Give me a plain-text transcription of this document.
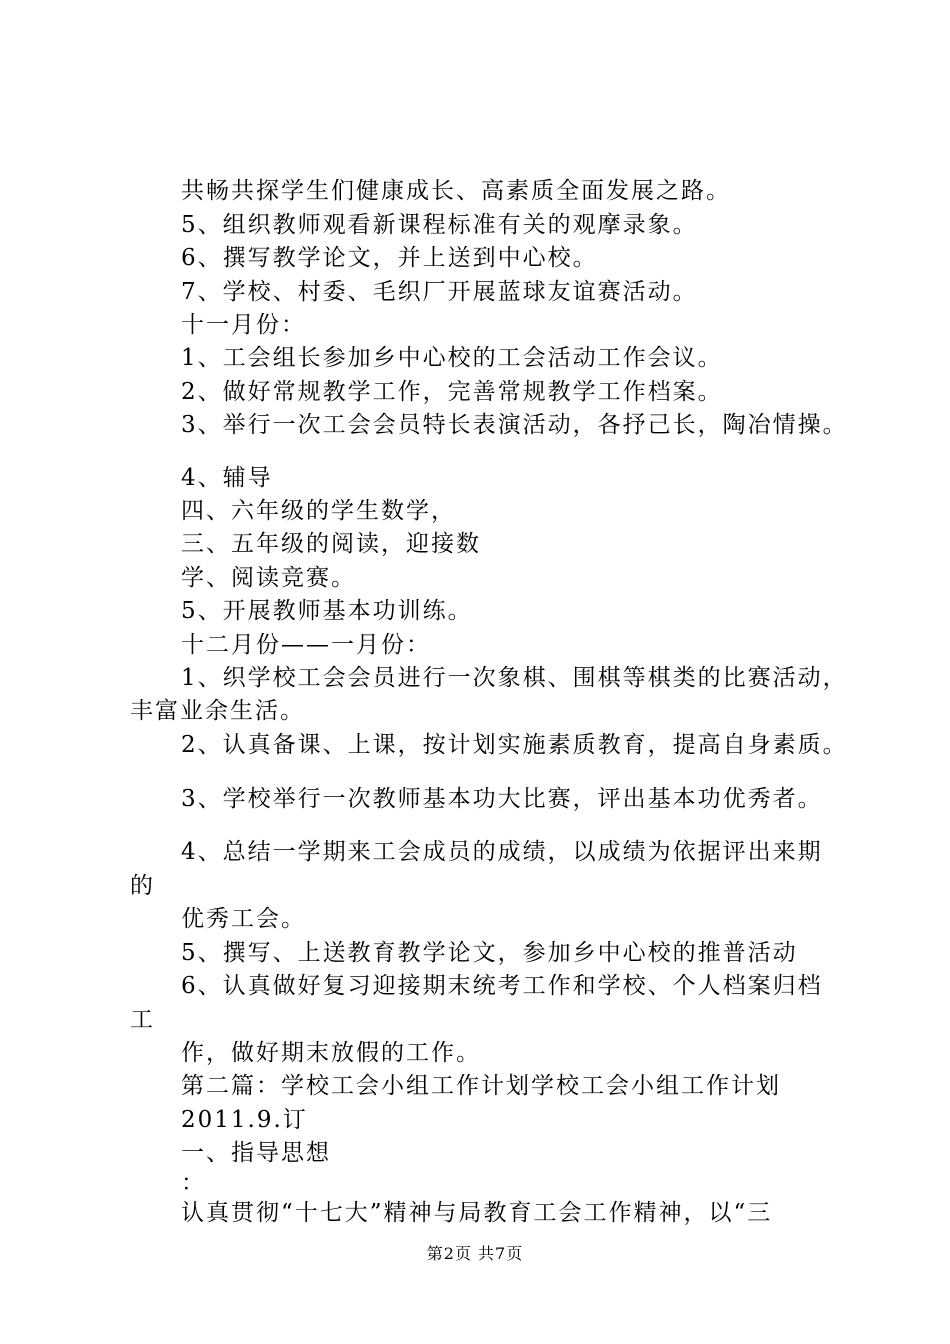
共畅共探学生们健康成长、高素质全面发展之路。
5、组织教师观看新课程标准有关的观摩录象。
6、撰写教学论文，并上送到中心校。
7、学校、村委、毛织厂开展蓝球友谊赛活动。
十一月份：
1、工会组长参加乡中心校的工会活动工作会议。
2、做好常规教学工作，完善常规教学工作档案。
3、举行一次工会会员特长表演活动，各抒己长，陶冶情操。
4、辅导
四、六年级的学生数学，
三、五年级的阅读，迎接数
学、阅读竞赛。
5、开展教师基本功训练。
十二月份——一月份：
1、织学校工会会员进行一次象棋、围棋等棋类的比赛活动，
丰富业余生活。
2、认真备课、上课，按计划实施素质教育，提高自身素质。
3、学校举行一次教师基本功大比赛，评出基本功优秀者。
4、总结一学期来工会成员的成绩，以成绩为依据评出来期
的
优秀工会。
5、撰写、上送教育教学论文，参加乡中心校的推普活动
6、认真做好复习迎接期末统考工作和学校、个人档案归档
工
作，做好期末放假的工作。
第二篇：学校工会小组工作计划学校工会小组工作计划
2011.9.订
一、指导思想
：
认真贯彻“十七大”精神与局教育工会工作精神，以“三
第2页 共7页
